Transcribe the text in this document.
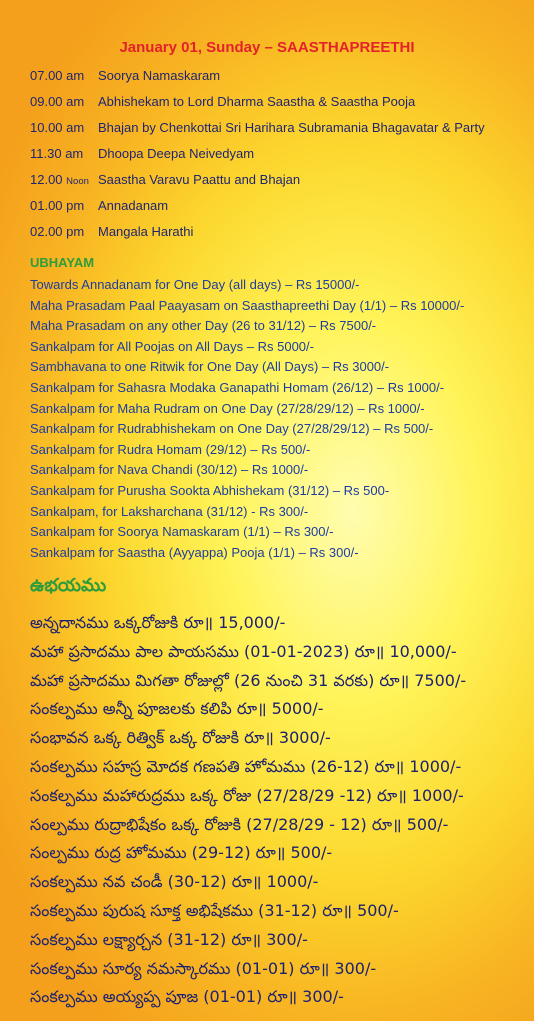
January 01, Sunday – SAASTHAPREETHI
07.00 am Soorya Namaskaram
09.00 am Abhishekam to Lord Dharma Saastha & Saastha Pooja
10.00 am Bhajan by Chenkottai Sri Harihara Subramania Bhagavatar & Party
11.30 am Dhoopa Deepa Neivedyam
12.00 Noon Saastha Varavu Paattu and Bhajan
01.00 pm Annadanam
02.00 pm Mangala Harathi
UBHAYAM
Towards Annadanam for One Day (all days) – Rs 15000/-
Maha Prasadam Paal Paayasam on Saasthapreethi Day (1/1) – Rs 10000/-
Maha Prasadam on any other Day (26 to 31/12) – Rs 7500/-
Sankalpam for All Poojas on All Days – Rs 5000/-
Sambhavana to one Ritwik for One Day (All Days) – Rs 3000/-
Sankalpam for Sahasra Modaka Ganapathi Homam (26/12) – Rs 1000/-
Sankalpam for Maha Rudram on One Day (27/28/29/12) – Rs 1000/-
Sankalpam for Rudrabhishekam on One Day (27/28/29/12) – Rs 500/-
Sankalpam for Rudra Homam (29/12) – Rs 500/-
Sankalpam for Nava Chandi (30/12) – Rs 1000/-
Sankalpam for Purusha Sookta Abhishekam (31/12) – Rs 500-
Sankalpam, for Laksharchana (31/12) - Rs 300/-
Sankalpam for Soorya Namaskaram (1/1) – Rs 300/-
Sankalpam for Saastha (Ayyappa) Pooja (1/1) – Rs 300/-
ఉభయము
అన్నదానము ఒక్కరోజుకి రూ॥ 15,000/-
మహా ప్రసాదము పాల పాయసము (01-01-2023) రూ॥ 10,000/-
మహా ప్రసాదము మిగతా రోజుల్లో (26 నుంచి 31 వరకు) రూ॥ 7500/-
సంకల్పము అన్నీ పూజలకు కలిపి రూ॥ 5000/-
సంభావన ఒక్క రిత్విక్ ఒక్క రోజుకి రూ॥ 3000/-
సంకల్పము సహస్ర మోదక గణపతి హోమము (26-12) రూ॥ 1000/-
సంకల్పము మహారుద్రము ఒక్క రోజు (27/28/29 -12) రూ॥ 1000/-
సంల్పము రుద్రాభిషేకం ఒక్క రోజుకి (27/28/29 - 12) రూ॥ 500/-
సంల్పము రుద్ర హోమము (29-12) రూ॥ 500/-
సంకల్పము నవ చండీ (30-12) రూ॥ 1000/-
సంకల్పము పురుష సూక్త అభిషేకము (31-12) రూ॥ 500/-
సంకల్పము లక్ష్యార్చన (31-12) రూ॥ 300/-
సంకల్పము సూర్య నమస్కారము (01-01) రూ॥ 300/-
సంకల్పము అయ్యప్ప పూజ (01-01) రూ॥ 300/-
